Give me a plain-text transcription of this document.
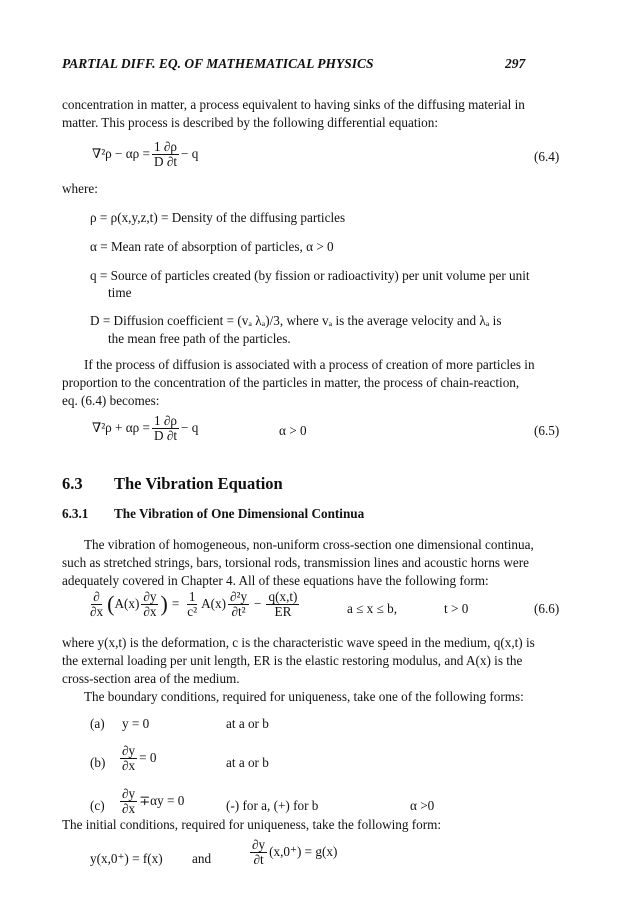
PARTIAL DIFF. EQ. OF MATHEMATICAL PHYSICS	297
concentration in matter, a process equivalent to having sinks of the diffusing material in
matter. This process is described by the following differential equation:
$\nabla^2\rho - \alpha\rho = \frac{1 \partial\rho}{D \partial t} - q$	(6.4)
where:
ρ = ρ(x,y,z,t) = Density of the diffusing particles
α = Mean rate of absorption of particles, α > 0
q = Source of particles created (by fission or radioactivity) per unit volume per unit
time
D = Diffusion coefficient = (vₐ λₐ)/3, where vₐ is the average velocity and λₐ is
the mean free path of the particles.
If the process of diffusion is associated with a process of creation of more particles in
proportion to the concentration of the particles in matter, the process of chain-reaction,
eq. (6.4) becomes:
$\nabla^2\rho + \alpha\rho = \frac{1 \partial\rho}{D \partial t} - q$	α > 0	(6.5)
6.3 The Vibration Equation
6.3.1 The Vibration of One Dimensional Continua
The vibration of homogeneous, non-uniform cross-section one dimensional continua,
such as stretched strings, bars, torsional rods, transmission lines and acoustic horns were
adequately covered in Chapter 4. All of these equations have the following form:
$\frac{\partial}{\partial x}$ ( $A(x) \frac{\partial y}{\partial x}$ ) = $\frac{1}{\text{c²}} A(x) \frac{\text{∂²y}}{\text{∂t²}} - \frac{q(x,t)}{ER}$	a ≤ x ≤ b,	t > 0	(6.6)
where y(x,t) is the deformation, c is the characteristic wave speed in the medium, q(x,t) is
the external loading per unit length, ER is the elastic restoring modulus, and A(x) is the
cross-section area of the medium.
The boundary conditions, required for uniqueness, take one of the following forms:
(a) y = 0	at a or b
$(b) \frac{\partial y}{\partial x} = 0$	at a or b
$(c) \frac{\partial y}{\partial x} \mp\alpha y = 0$	(-) for a, (+) for b	α >0
The initial conditions, required for uniqueness, take the following form:
y(x,0⁺) = f(x) and	$\frac{\partial y}{\partial t} (x,0^+) = g(x)$
